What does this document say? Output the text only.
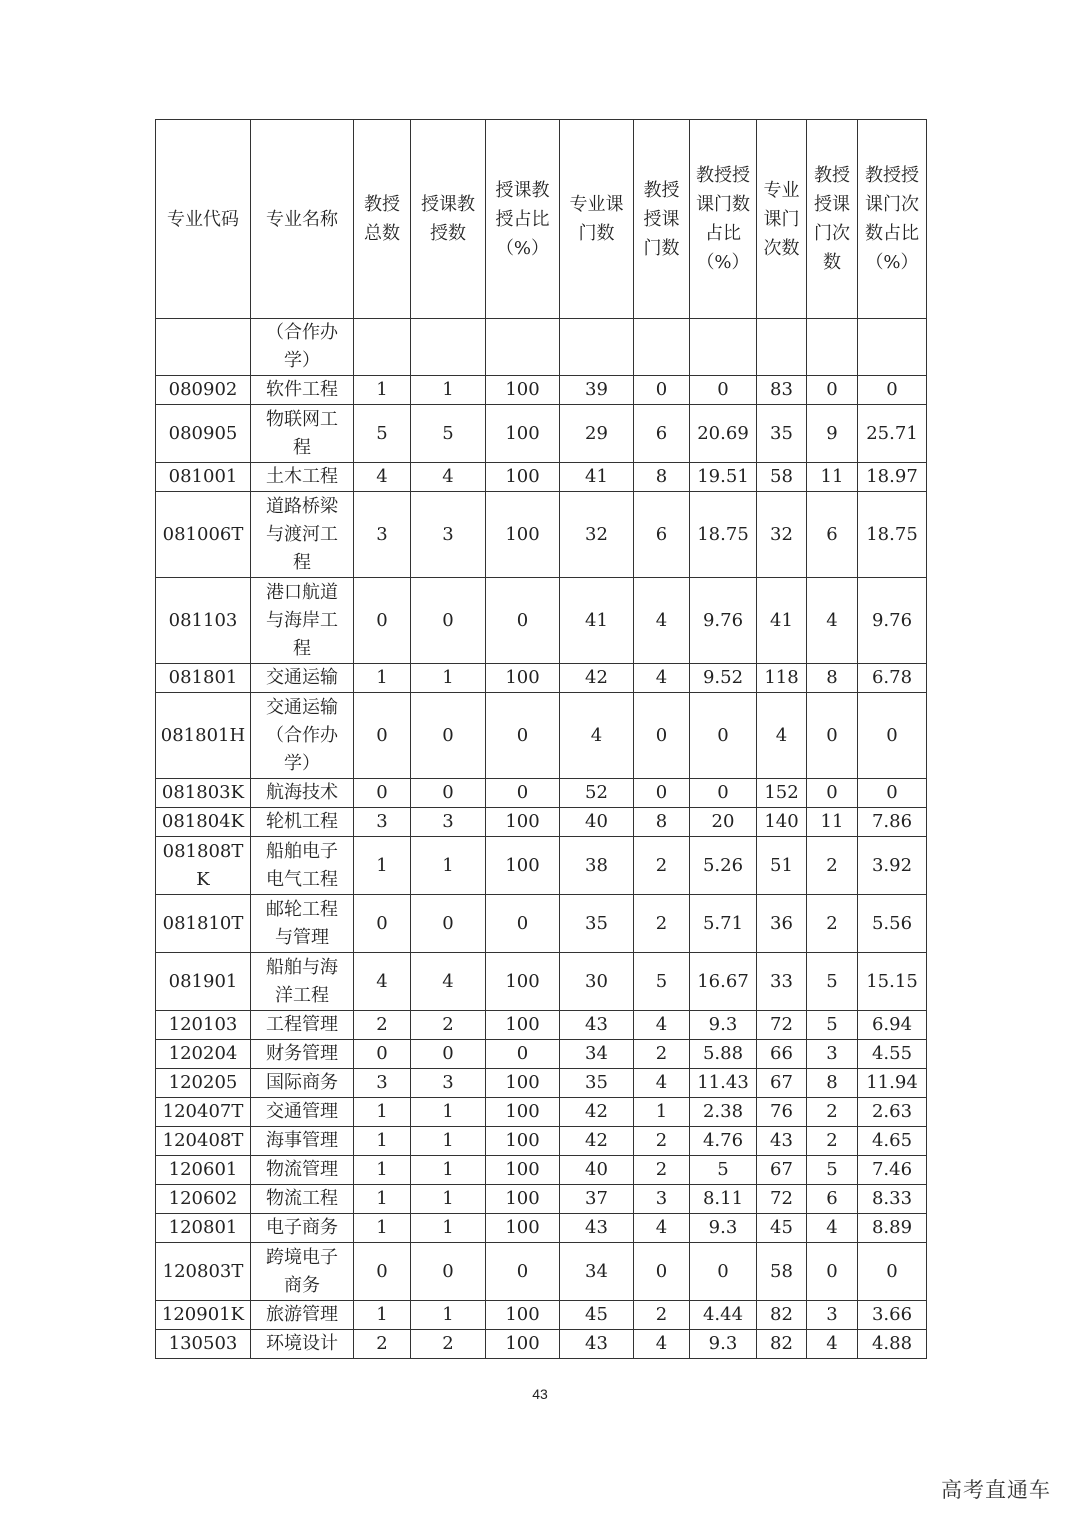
专业代码	专业名称	教授总数	授课教授数	授课教授占比（%）	专业课门数	教授授课门数	教授授课门数占比（%）	专业课门次数	教授授课门次数	教授授课门次数占比（%）
	（合作办学）									
080902	软件工程	1	1	100	39	0	0	83	0	0
080905	物联网工程	5	5	100	29	6	20.69	35	9	25.71
081001	土木工程	4	4	100	41	8	19.51	58	11	18.97
081006T	道路桥梁与渡河工程	3	3	100	32	6	18.75	32	6	18.75
081103	港口航道与海岸工程	0	0	0	41	4	9.76	41	4	9.76
081801	交通运输	1	1	100	42	4	9.52	118	8	6.78
081801H	交通运输（合作办学）	0	0	0	4	0	0	4	0	0
081803K	航海技术	0	0	0	52	0	0	152	0	0
081804K	轮机工程	3	3	100	40	8	20	140	11	7.86
081808TK	船舶电子电气工程	1	1	100	38	2	5.26	51	2	3.92
081810T	邮轮工程与管理	0	0	0	35	2	5.71	36	2	5.56
081901	船舶与海洋工程	4	4	100	30	5	16.67	33	5	15.15
120103	工程管理	2	2	100	43	4	9.3	72	5	6.94
120204	财务管理	0	0	0	34	2	5.88	66	3	4.55
120205	国际商务	3	3	100	35	4	11.43	67	8	11.94
120407T	交通管理	1	1	100	42	1	2.38	76	2	2.63
120408T	海事管理	1	1	100	42	2	4.76	43	2	4.65
120601	物流管理	1	1	100	40	2	5	67	5	7.46
120602	物流工程	1	1	100	37	3	8.11	72	6	8.33
120801	电子商务	1	1	100	43	4	9.3	45	4	8.89
120803T	跨境电子商务	0	0	0	34	0	0	58	0	0
120901K	旅游管理	1	1	100	45	2	4.44	82	3	3.66
130503	环境设计	2	2	100	43	4	9.3	82	4	4.88
43
高考直通车
